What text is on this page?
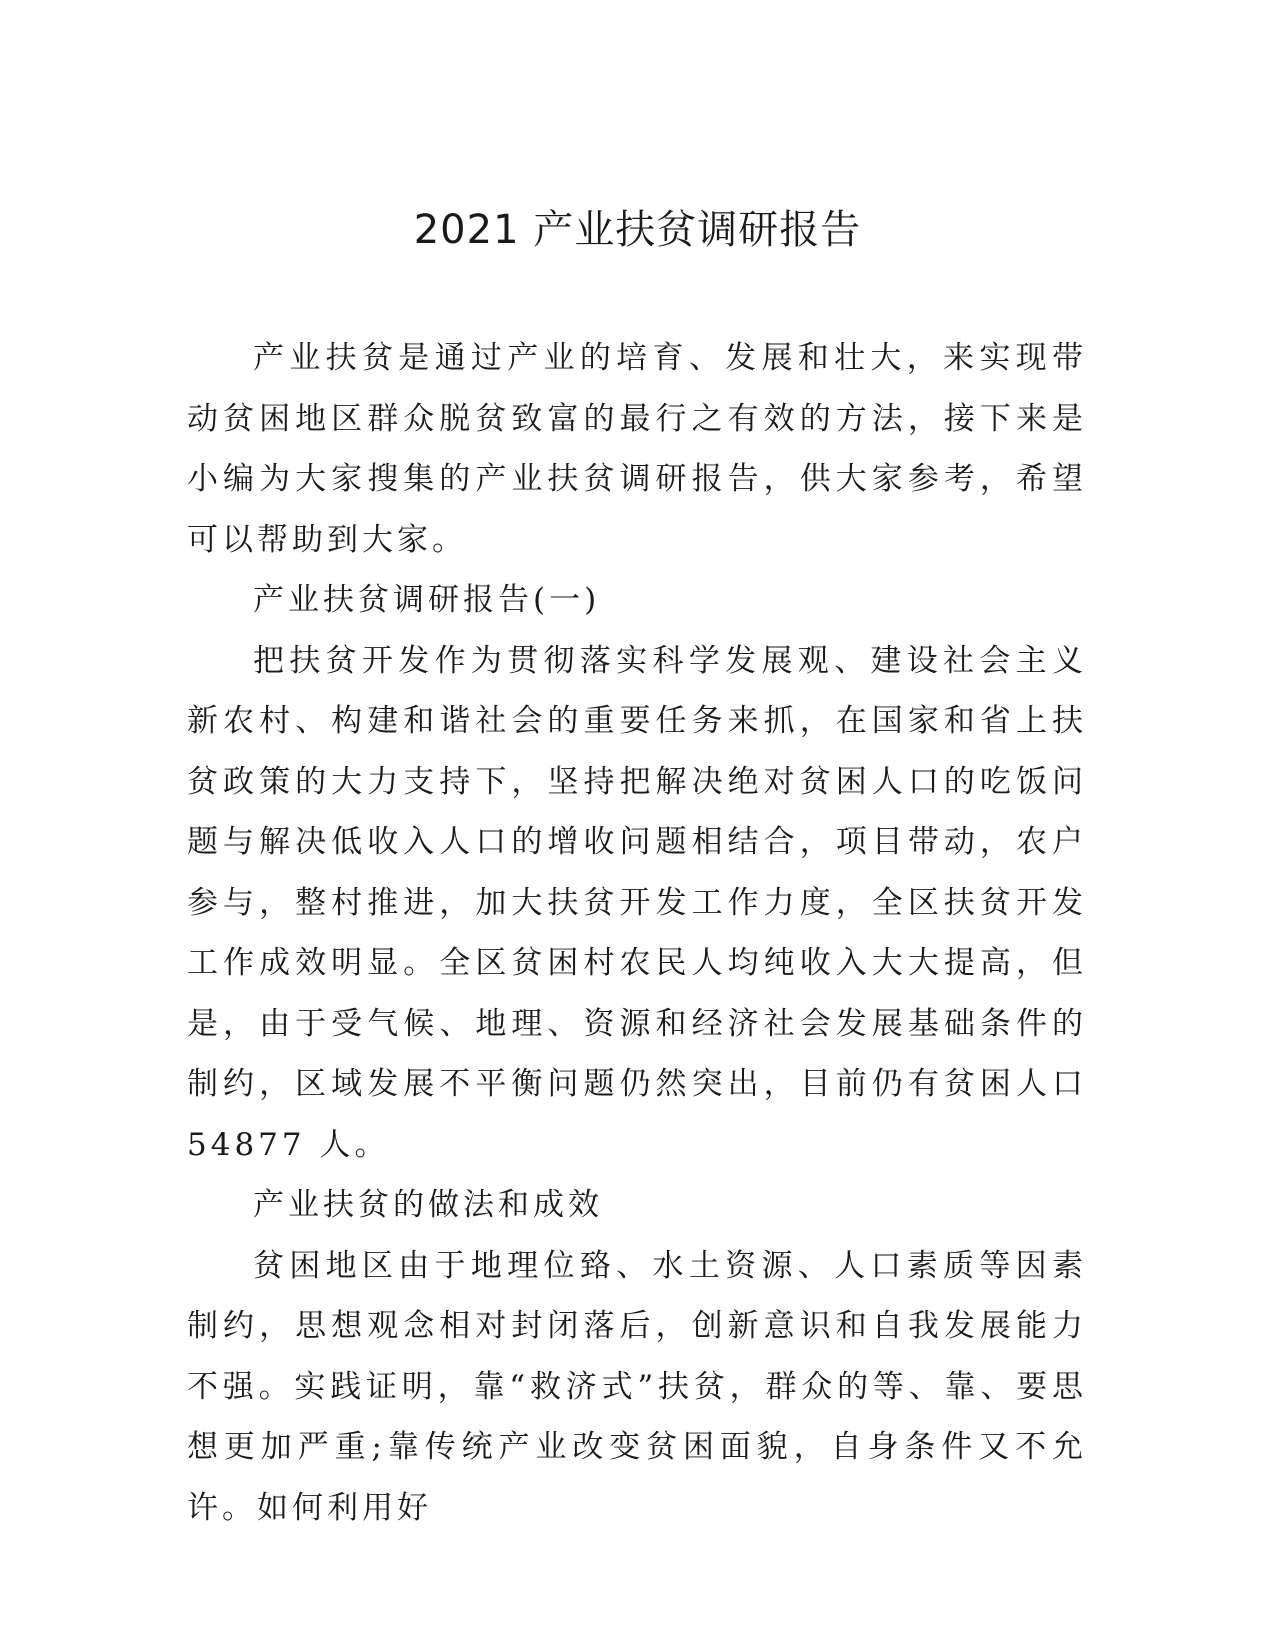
2021 产业扶贫调研报告

产业扶贫是通过产业的培育、发展和壮大，来实现带动贫困地区群众脱贫致富的最行之有效的方法，接下来是小编为大家搜集的产业扶贫调研报告，供大家参考，希望可以帮助到大家。

产业扶贫调研报告(一)

把扶贫开发作为贯彻落实科学发展观、建设社会主义新农村、构建和谐社会的重要任务来抓，在国家和省上扶贫政策的大力支持下，坚持把解决绝对贫困人口的吃饭问题与解决低收入人口的增收问题相结合，项目带动，农户参与，整村推进，加大扶贫开发工作力度，全区扶贫开发工作成效明显。全区贫困村农民人均纯收入大大提高，但是，由于受气候、地理、资源和经济社会发展基础条件的制约，区域发展不平衡问题仍然突出，目前仍有贫困人口 54877 人。

产业扶贫的做法和成效

贫困地区由于地理位臵、水土资源、人口素质等因素制约，思想观念相对封闭落后，创新意识和自我发展能力不强。实践证明，靠“救济式”扶贫，群众的等、靠、要思想更加严重;靠传统产业改变贫困面貌，自身条件又不允许。如何利用好
